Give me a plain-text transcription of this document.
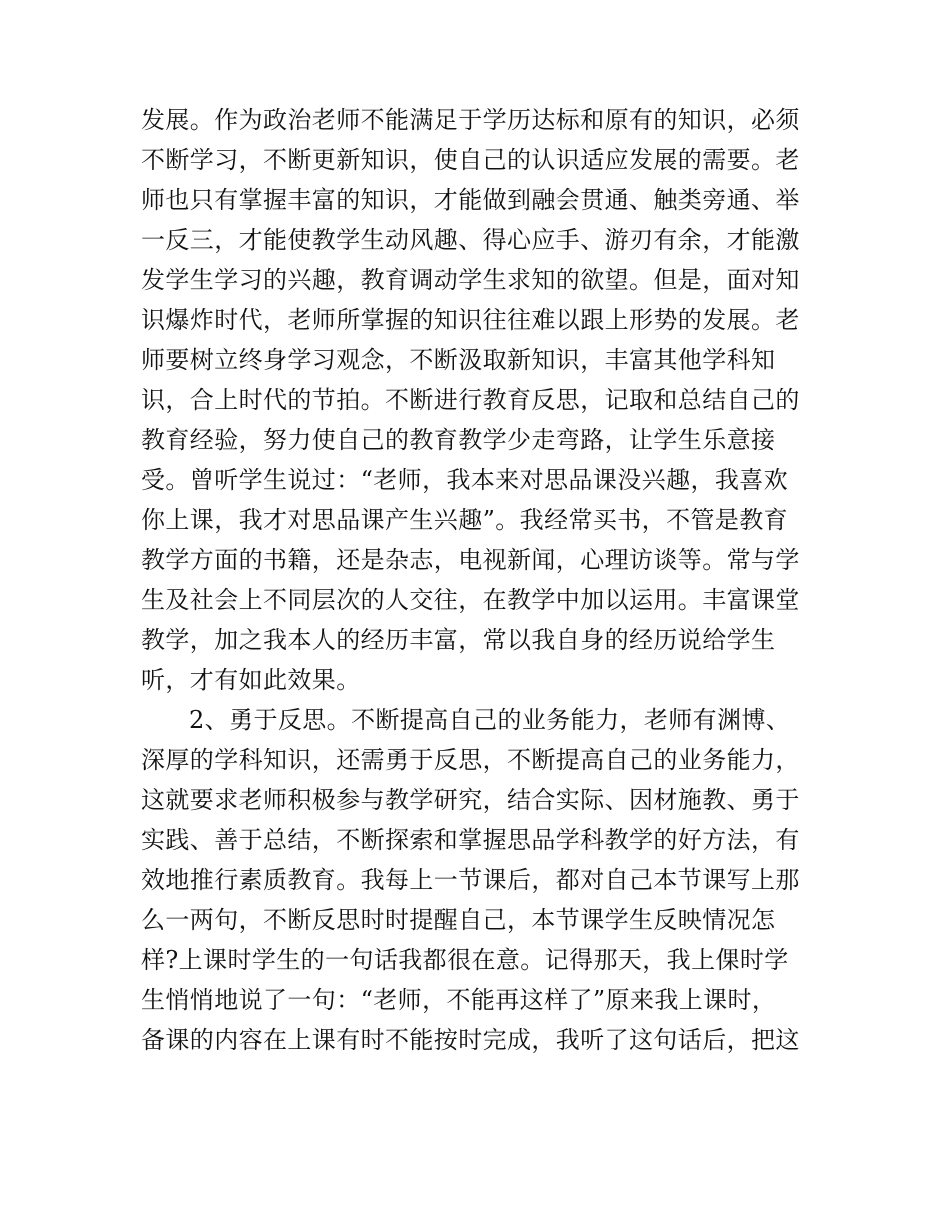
发展。作为政治老师不能满足于学历达标和原有的知识，必须
不断学习，不断更新知识，使自己的认识适应发展的需要。老
师也只有掌握丰富的知识，才能做到融会贯通、触类旁通、举
一反三，才能使教学生动风趣、得心应手、游刃有余，才能激
发学生学习的兴趣，教育调动学生求知的欲望。但是，面对知
识爆炸时代，老师所掌握的知识往往难以跟上形势的发展。老
师要树立终身学习观念，不断汲取新知识，丰富其他学科知
识，合上时代的节拍。不断进行教育反思，记取和总结自己的
教育经验，努力使自己的教育教学少走弯路，让学生乐意接
受。曾听学生说过：“老师，我本来对思品课没兴趣，我喜欢
你上课，我才对思品课产生兴趣”。我经常买书，不管是教育
教学方面的书籍，还是杂志，电视新闻，心理访谈等。常与学
生及社会上不同层次的人交往，在教学中加以运用。丰富课堂
教学，加之我本人的经历丰富，常以我自身的经历说给学生
听，才有如此效果。
2、勇于反思。不断提高自己的业务能力，老师有渊博、
深厚的学科知识，还需勇于反思，不断提高自己的业务能力，
这就要求老师积极参与教学研究，结合实际、因材施教、勇于
实践、善于总结，不断探索和掌握思品学科教学的好方法，有
效地推行素质教育。我每上一节课后，都对自己本节课写上那
么一两句，不断反思时时提醒自己，本节课学生反映情况怎
样?上课时学生的一句话我都很在意。记得那天，我上倮时学
生悄悄地说了一句：“老师，不能再这样了”原来我上课时，
备课的内容在上课有时不能按时完成，我听了这句话后，把这
